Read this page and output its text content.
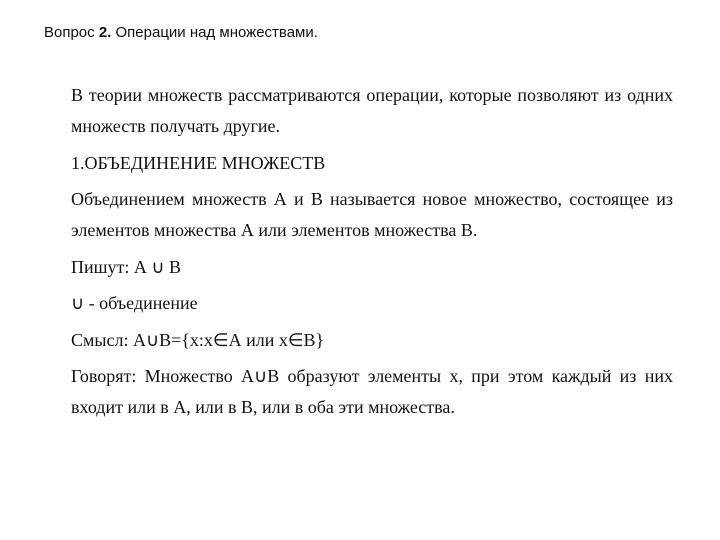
Вопрос 2. Операции над множествами.

В теории множеств рассматриваются операции, которые позволяют из одних множеств получать другие.

1.ОБЪЕДИНЕНИЕ МНОЖЕСТВ

Объединением множеств А и В называется новое множество, состоящее из элементов множества А или элементов множества В.

Пишут: А ∪ В

∪ - объединение

Смысл: А∪В={х:х∈А или х∈В}

Говорят: Множество А∪В образуют элементы х, при этом каждый из них входит или в А, или в В, или в оба эти множества.
